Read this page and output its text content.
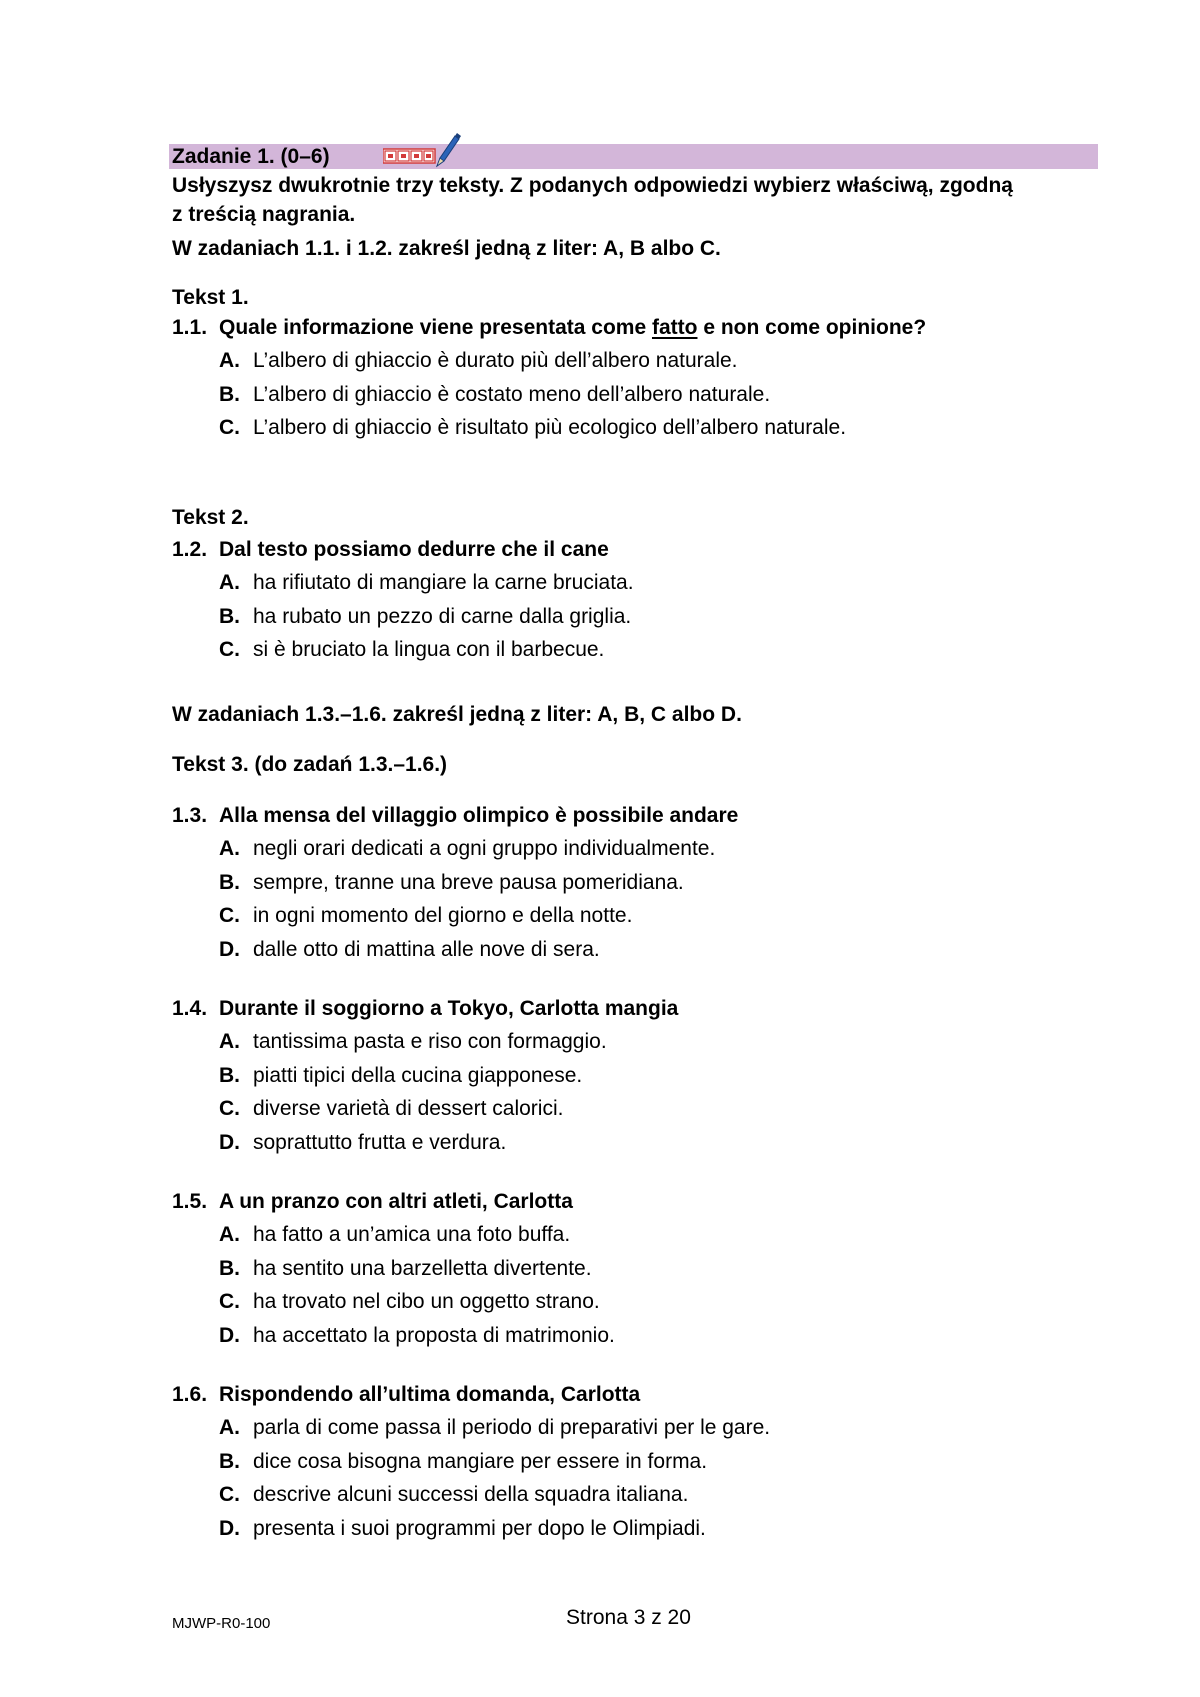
Zadanie 1. (0–6)
Usłyszysz dwukrotnie trzy teksty. Z podanych odpowiedzi wybierz właściwą, zgodną
z treścią nagrania.
W zadaniach 1.1. i 1.2. zakreśl jedną z liter: A, B albo C.
Tekst 1.
1.1. Quale informazione viene presentata come fatto e non come opinione?
A. L’albero di ghiaccio è durato più dell’albero naturale.
B. L’albero di ghiaccio è costato meno dell’albero naturale.
C. L’albero di ghiaccio è risultato più ecologico dell’albero naturale.
Tekst 2.
1.2. Dal testo possiamo dedurre che il cane
A. ha rifiutato di mangiare la carne bruciata.
B. ha rubato un pezzo di carne dalla griglia.
C. si è bruciato la lingua con il barbecue.
W zadaniach 1.3.–1.6. zakreśl jedną z liter: A, B, C albo D.
Tekst 3. (do zadań 1.3.–1.6.)
1.3. Alla mensa del villaggio olimpico è possibile andare
A. negli orari dedicati a ogni gruppo individualmente.
B. sempre, tranne una breve pausa pomeridiana.
C. in ogni momento del giorno e della notte.
D. dalle otto di mattina alle nove di sera.
1.4. Durante il soggiorno a Tokyo, Carlotta mangia
A. tantissima pasta e riso con formaggio.
B. piatti tipici della cucina giapponese.
C. diverse varietà di dessert calorici.
D. soprattutto frutta e verdura.
1.5. A un pranzo con altri atleti, Carlotta
A. ha fatto a un’amica una foto buffa.
B. ha sentito una barzelletta divertente.
C. ha trovato nel cibo un oggetto strano.
D. ha accettato la proposta di matrimonio.
1.6. Rispondendo all’ultima domanda, Carlotta
A. parla di come passa il periodo di preparativi per le gare.
B. dice cosa bisogna mangiare per essere in forma.
C. descrive alcuni successi della squadra italiana.
D. presenta i suoi programmi per dopo le Olimpiadi.
MJWP-R0-100	Strona 3 z 20
